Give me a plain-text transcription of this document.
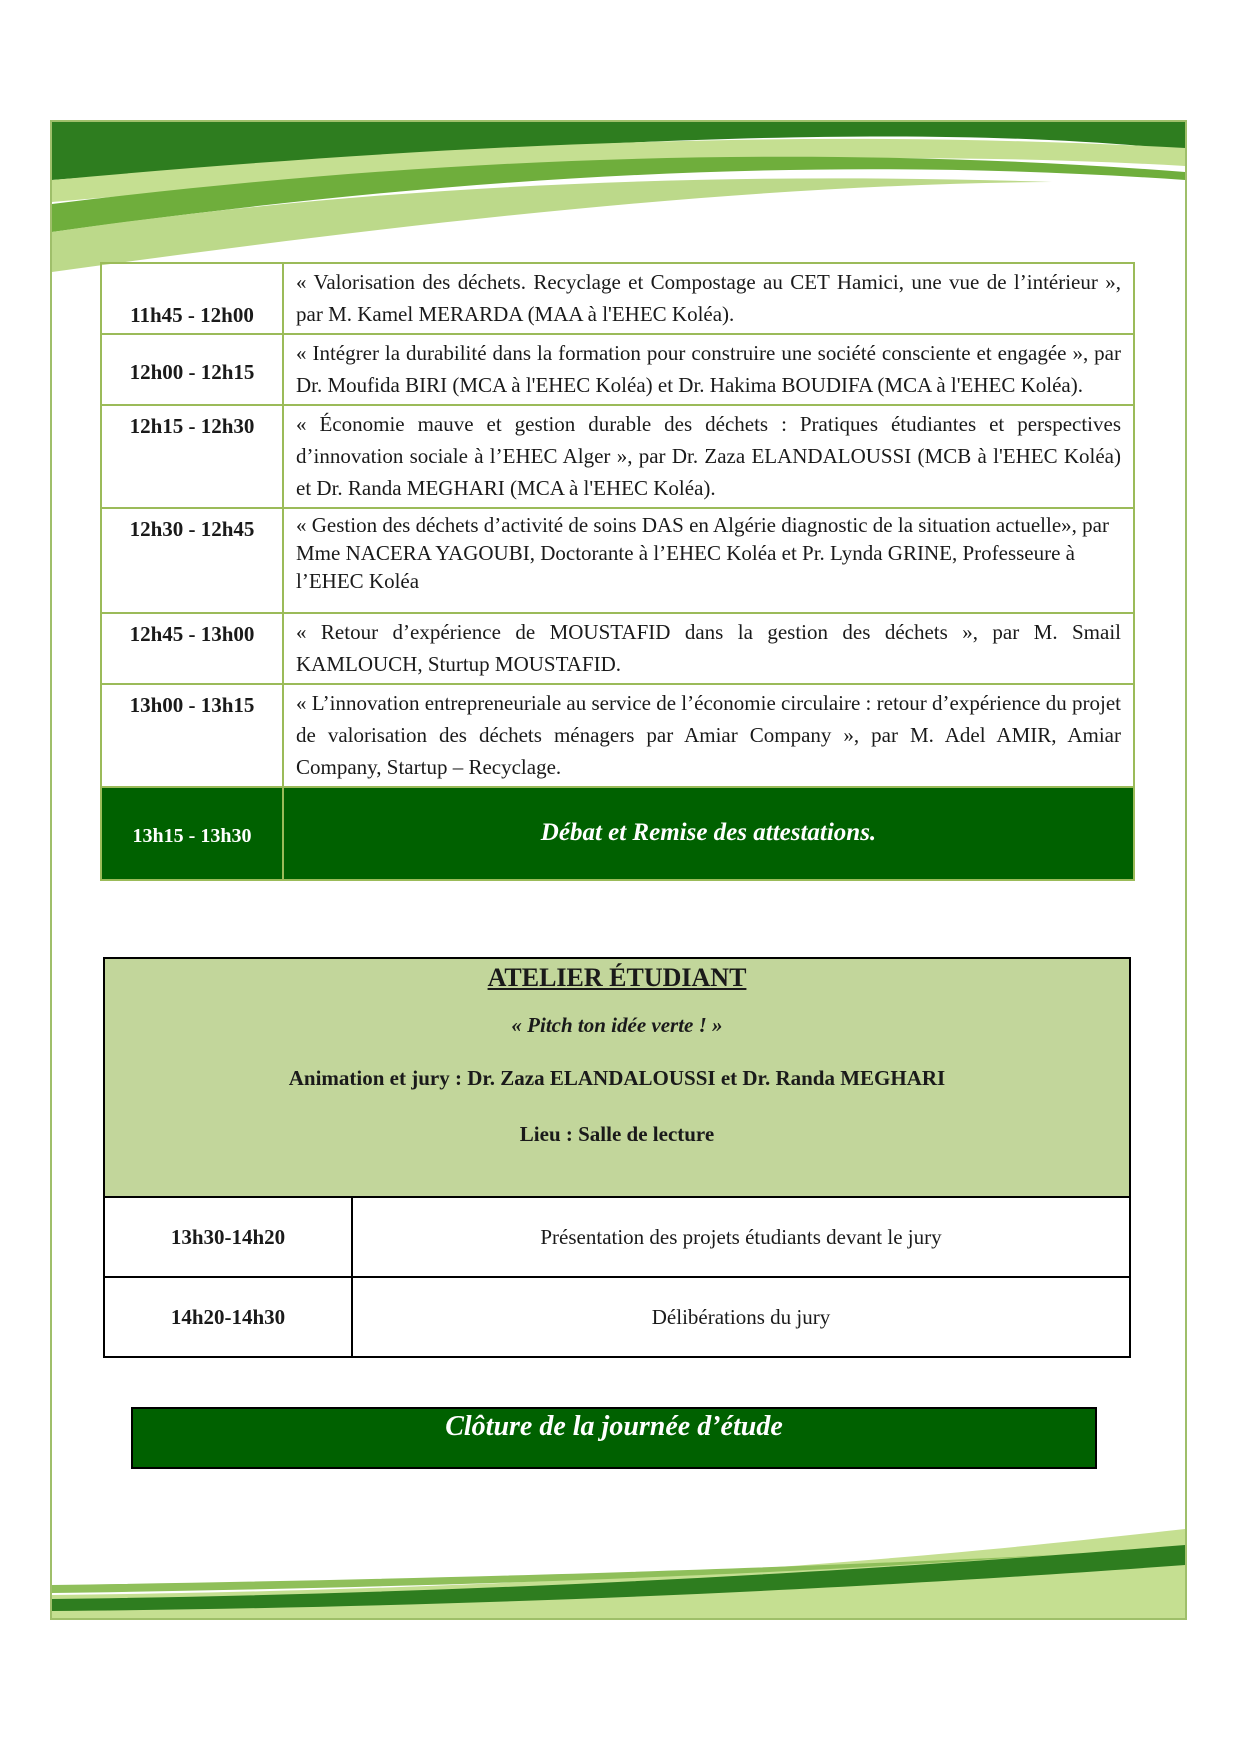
11h45 - 12h00	« Valorisation des déchets. Recyclage et Compostage au CET Hamici, une vue de l’intérieur », par M. Kamel MERARDA (MAA à l'EHEC Koléa).
12h00 - 12h15	« Intégrer la durabilité dans la formation pour construire une société consciente et engagée », par Dr. Moufida BIRI (MCA à l'EHEC Koléa) et Dr. Hakima BOUDIFA (MCA à l'EHEC Koléa).
12h15 - 12h30	« Économie mauve et gestion durable des déchets : Pratiques étudiantes et perspectives d’innovation sociale à l’EHEC Alger », par Dr. Zaza ELANDALOUSSI (MCB à l'EHEC Koléa) et Dr. Randa MEGHARI (MCA à l'EHEC Koléa).
12h30 - 12h45	« Gestion des déchets d’activité de soins DAS en Algérie diagnostic de la situation actuelle», par Mme NACERA YAGOUBI, Doctorante à l’EHEC Koléa et Pr. Lynda GRINE, Professeure à l’EHEC Koléa
12h45 - 13h00	« Retour d’expérience de MOUSTAFID dans la gestion des déchets », par M. Smail KAMLOUCH, Sturtup MOUSTAFID.
13h00 - 13h15	« L’innovation entrepreneuriale au service de l’économie circulaire : retour d’expérience du projet de valorisation des déchets ménagers par Amiar Company », par M. Adel AMIR, Amiar Company, Startup – Recyclage.
13h15 - 13h30	Débat et Remise des attestations.
ATELIER ÉTUDIANT
« Pitch ton idée verte ! »
Animation et jury : Dr. Zaza ELANDALOUSSI et Dr. Randa MEGHARI
Lieu : Salle de lecture
13h30-14h20	Présentation des projets étudiants devant le jury
14h20-14h30	Délibérations du jury
Clôture de la journée d’étude
